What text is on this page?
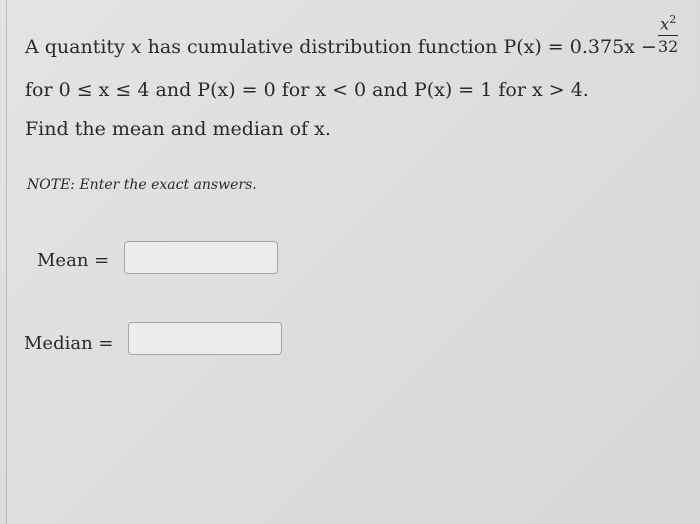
A quantity x has cumulative distribution function P(x) = 0.375x −
$x^2$
32
for 0 ≤ x ≤ 4 and P(x) = 0 for x < 0 and P(x) = 1 for x > 4.
Find the mean and median of x.
NOTE: Enter the exact answers.
Mean =
Median =
